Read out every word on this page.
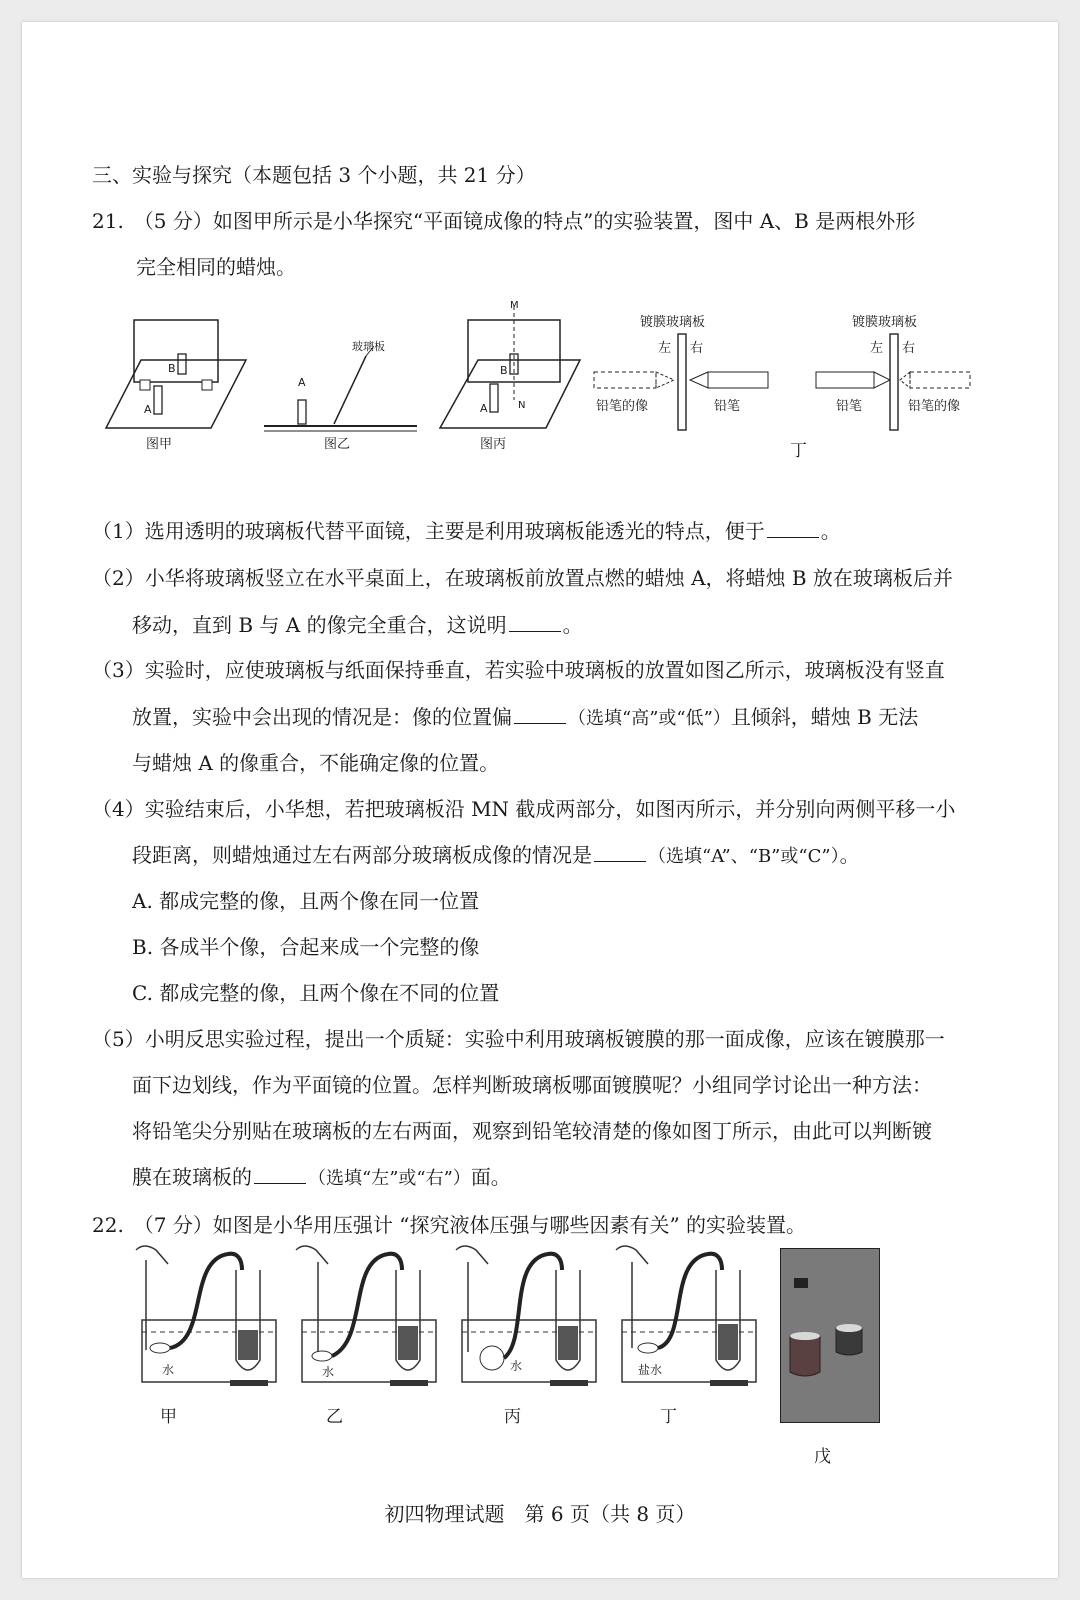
三、实验与探究（本题包括 3 个小题，共 21 分）
21.　（5 分）如图甲所示是小华探究“平面镜成像的特点”的实验装置，图中 A、B 是两根外形
完全相同的蜡烛。
B
A
图甲
玻璃板
A
图乙
M
N
B
A
图丙
镀膜玻璃板
左 右
铅笔的像	铅笔
镀膜玻璃板
左 右
铅笔	铅笔的像
丁
（1）选用透明的玻璃板代替平面镜，主要是利用玻璃板能透光的特点，便于	。
（2）小华将玻璃板竖立在水平桌面上，在玻璃板前放置点燃的蜡烛 A，将蜡烛 B 放在玻璃板后并
移动，直到 B 与 A 的像完全重合，这说明	。
（3）实验时，应使玻璃板与纸面保持垂直，若实验中玻璃板的放置如图乙所示，玻璃板没有竖直
放置，实验中会出现的情况是：像的位置偏	（选填“高”或“低”）且倾斜，蜡烛 B 无法
与蜡烛 A 的像重合，不能确定像的位置。
（4）实验结束后，小华想，若把玻璃板沿 MN 截成两部分，如图丙所示，并分别向两侧平移一小
段距离，则蜡烛通过左右两部分玻璃板成像的情况是	（选填“A”、“B”或“C”）。
A. 都成完整的像，且两个像在同一位置
B. 各成半个像，合起来成一个完整的像
C. 都成完整的像，且两个像在不同的位置
（5）小明反思实验过程，提出一个质疑：实验中利用玻璃板镀膜的那一面成像，应该在镀膜那一
面下边划线，作为平面镜的位置。怎样判断玻璃板哪面镀膜呢？小组同学讨论出一种方法：
将铅笔尖分别贴在玻璃板的左右两面，观察到铅笔较清楚的像如图丁所示，由此可以判断镀
膜在玻璃板的	（选填“左”或“右”）面。
22.　（7 分）如图是小华用压强计 “探究液体压强与哪些因素有关” 的实验装置。
水	水	水	盐水
甲	乙	丙	丁
戊
初四物理试题　第 6 页（共 8 页）
